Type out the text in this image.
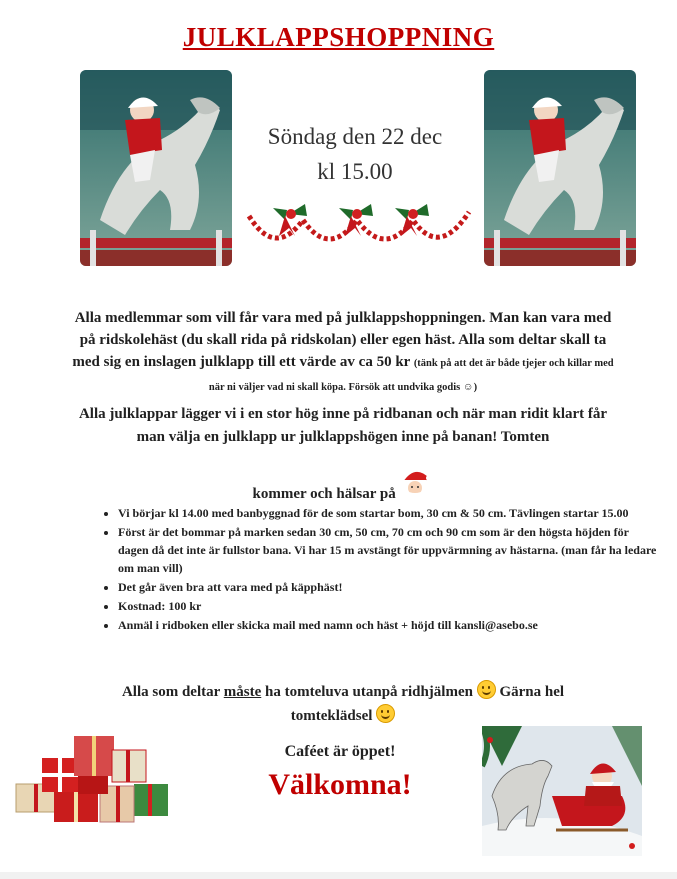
JULKLAPPSHOPPNING
Söndag den 22 dec
kl 15.00
Alla medlemmar som vill får vara med på julklappshoppningen. Man kan vara med på ridskolehäst (du skall rida på ridskolan) eller egen häst. Alla som deltar skall ta med sig en inslagen julklapp till ett värde av ca 50 kr (tänk på att det är både tjejer och killar med när ni väljer vad ni skall köpa. Försök att undvika godis ☺)
Alla julklappar lägger vi i en stor hög inne på ridbanan och när man ridit klart får man välja en julklapp ur julklappshögen inne på banan! Tomten
kommer och hälsar på
• Vi börjar kl 14.00 med banbyggnad för de som startar bom, 30 cm & 50 cm. Tävlingen startar 15.00
• Först är det bommar på marken sedan 30 cm, 50 cm, 70 cm och 90 cm som är den högsta höjden för dagen då det inte är fullstor bana. Vi har 15 m avstängt för uppvärmning av hästarna. (man får ha ledare om man vill)
• Det går även bra att vara med på käpphäst!
• Kostnad: 100 kr
• Anmäl i ridboken eller skicka mail med namn och häst + höjd till kansli@asebo.se
Alla som deltar måste ha tomteluva utanpå ridhjälmen Gärna hel
tomteklädsel
Caféet är öppet!
Välkomna!
